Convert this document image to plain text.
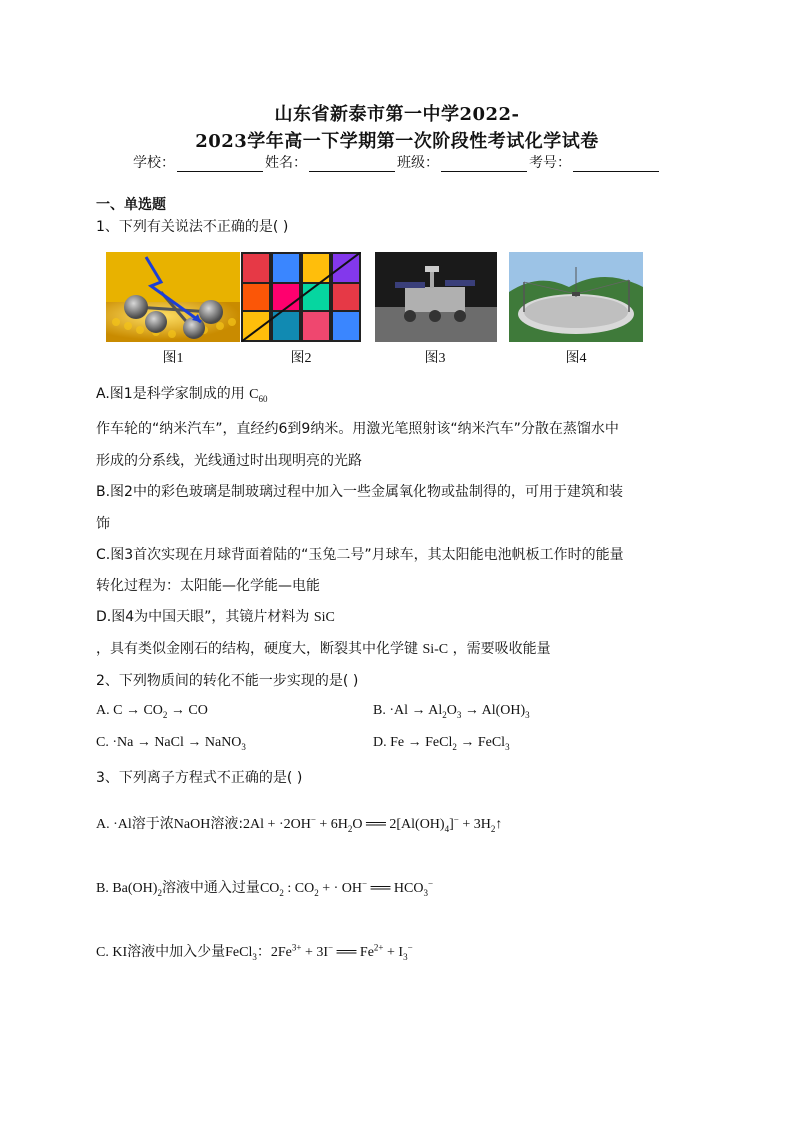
山东省新泰市第一中学2022-
2023学年高一下学期第一次阶段性考试化学试卷
学校：	姓名：	班级：	考号：
一、单选题
1、下列有关说法不正确的是( )
图1	图2	图3	图4
A.图1是科学家制成的用 $C_{60}$
作车轮的“纳米汽车”，直经约6到9纳米。用激光笔照射该“纳米汽车”分散在蒸馏水中
形成的分系线，光线通过时出现明亮的光路
B.图2中的彩色玻璃是制玻璃过程中加入一些金属氧化物或盐制得的，可用于建筑和装
饰
C.图3首次实现在月球背面着陆的“玉兔二号”月球车，其太阳能电池帆板工作时的能量
转化过程为：太阳能—化学能—电能
D.图4为中国天眼”，其镜片材料为 SiC
，具有类似金刚石的结构，硬度大，断裂其中化学键 Si-C ，需要吸收能量
2、下列物质间的转化不能一步实现的是( )
A. $C \to CO_2$ → CO	B. $\cdot Al \to Al_2O_3 \to Al(OH)_3$
C. ·Na → NaCl → NaNO$_3$	D. Fe → FeCl$_2$ → FeCl$_3$
3、下列离子方程式不正确的是( )
A. ·Al溶于浓NaOH溶液:2Al + $\cdot 2OH^- + 6H_2O$ ══ $2[Al(OH)_4]^-$ + $3H_2↑$
B. $Ba(OH)_2$溶液中通入过量$CO_2$ : $CO_2$ + · OH− ══ $HCO_3^-$
C. KI溶液中加入少量FeCl$_3$：$2Fe^{3+} + 3I^-$ ══ $Fe^{2+} + I_3^-$
